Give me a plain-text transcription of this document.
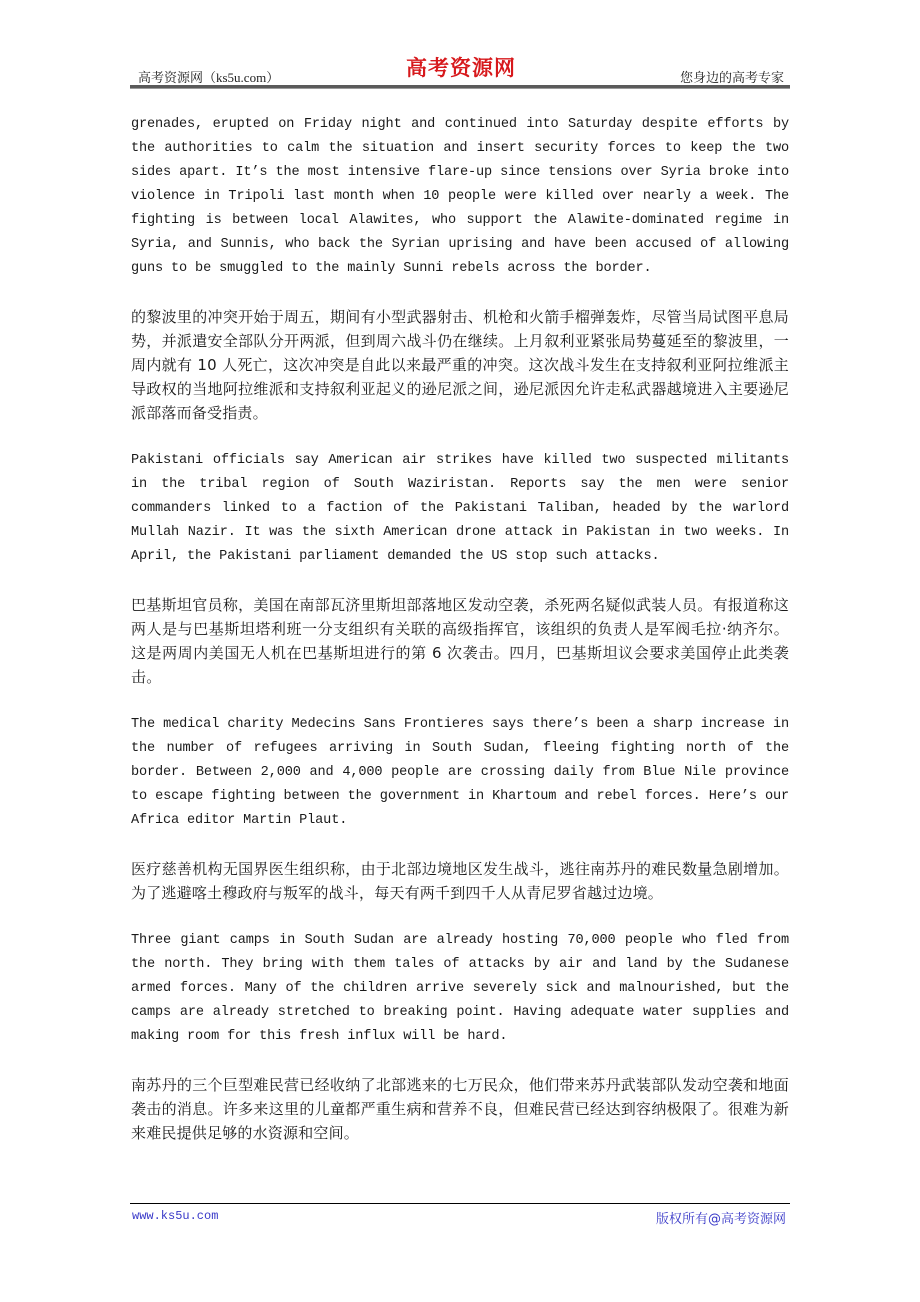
高考资源网（ks5u.com）	高考资源网	您身边的高考专家

grenades, erupted on Friday night and continued into Saturday despite efforts by the authorities to calm the situation and insert security forces to keep the two sides apart. It’s the most intensive flare-up since tensions over Syria broke into violence in Tripoli last month when 10 people were killed over nearly a week. The fighting is between local Alawites, who support the Alawite-dominated regime in Syria, and Sunnis, who back the Syrian uprising and have been accused of allowing guns to be smuggled to the mainly Sunni rebels across the border.

的黎波里的冲突开始于周五，期间有小型武器射击、机枪和火箭手榴弹轰炸，尽管当局试图平息局势，并派遣安全部队分开两派，但到周六战斗仍在继续。上月叙利亚紧张局势蔓延至的黎波里，一周内就有 10 人死亡，这次冲突是自此以来最严重的冲突。这次战斗发生在支持叙利亚阿拉维派主导政权的当地阿拉维派和支持叙利亚起义的逊尼派之间，逊尼派因允许走私武器越境进入主要逊尼派部落而备受指责。

Pakistani officials say American air strikes have killed two suspected militants in the tribal region of South Waziristan. Reports say the men were senior commanders linked to a faction of the Pakistani Taliban, headed by the warlord Mullah Nazir. It was the sixth American drone attack in Pakistan in two weeks. In April, the Pakistani parliament demanded the US stop such attacks.

巴基斯坦官员称，美国在南部瓦济里斯坦部落地区发动空袭，杀死两名疑似武装人员。有报道称这两人是与巴基斯坦塔利班一分支组织有关联的高级指挥官，该组织的负责人是军阀毛拉·纳齐尔。这是两周内美国无人机在巴基斯坦进行的第 6 次袭击。四月，巴基斯坦议会要求美国停止此类袭击。

The medical charity Medecins Sans Frontieres says there’s been a sharp increase in the number of refugees arriving in South Sudan, fleeing fighting north of the border. Between 2,000 and 4,000 people are crossing daily from Blue Nile province to escape fighting between the government in Khartoum and rebel forces. Here’s our Africa editor Martin Plaut.

医疗慈善机构无国界医生组织称，由于北部边境地区发生战斗，逃往南苏丹的难民数量急剧增加。为了逃避喀土穆政府与叛军的战斗，每天有两千到四千人从青尼罗省越过边境。

Three giant camps in South Sudan are already hosting 70,000 people who fled from the north. They bring with them tales of attacks by air and land by the Sudanese armed forces. Many of the children arrive severely sick and malnourished, but the camps are already stretched to breaking point. Having adequate water supplies and making room for this fresh influx will be hard.

南苏丹的三个巨型难民营已经收纳了北部逃来的七万民众，他们带来苏丹武装部队发动空袭和地面袭击的消息。许多来这里的儿童都严重生病和营养不良，但难民营已经达到容纳极限了。很难为新来难民提供足够的水资源和空间。

www.ks5u.com	版权所有@高考资源网
